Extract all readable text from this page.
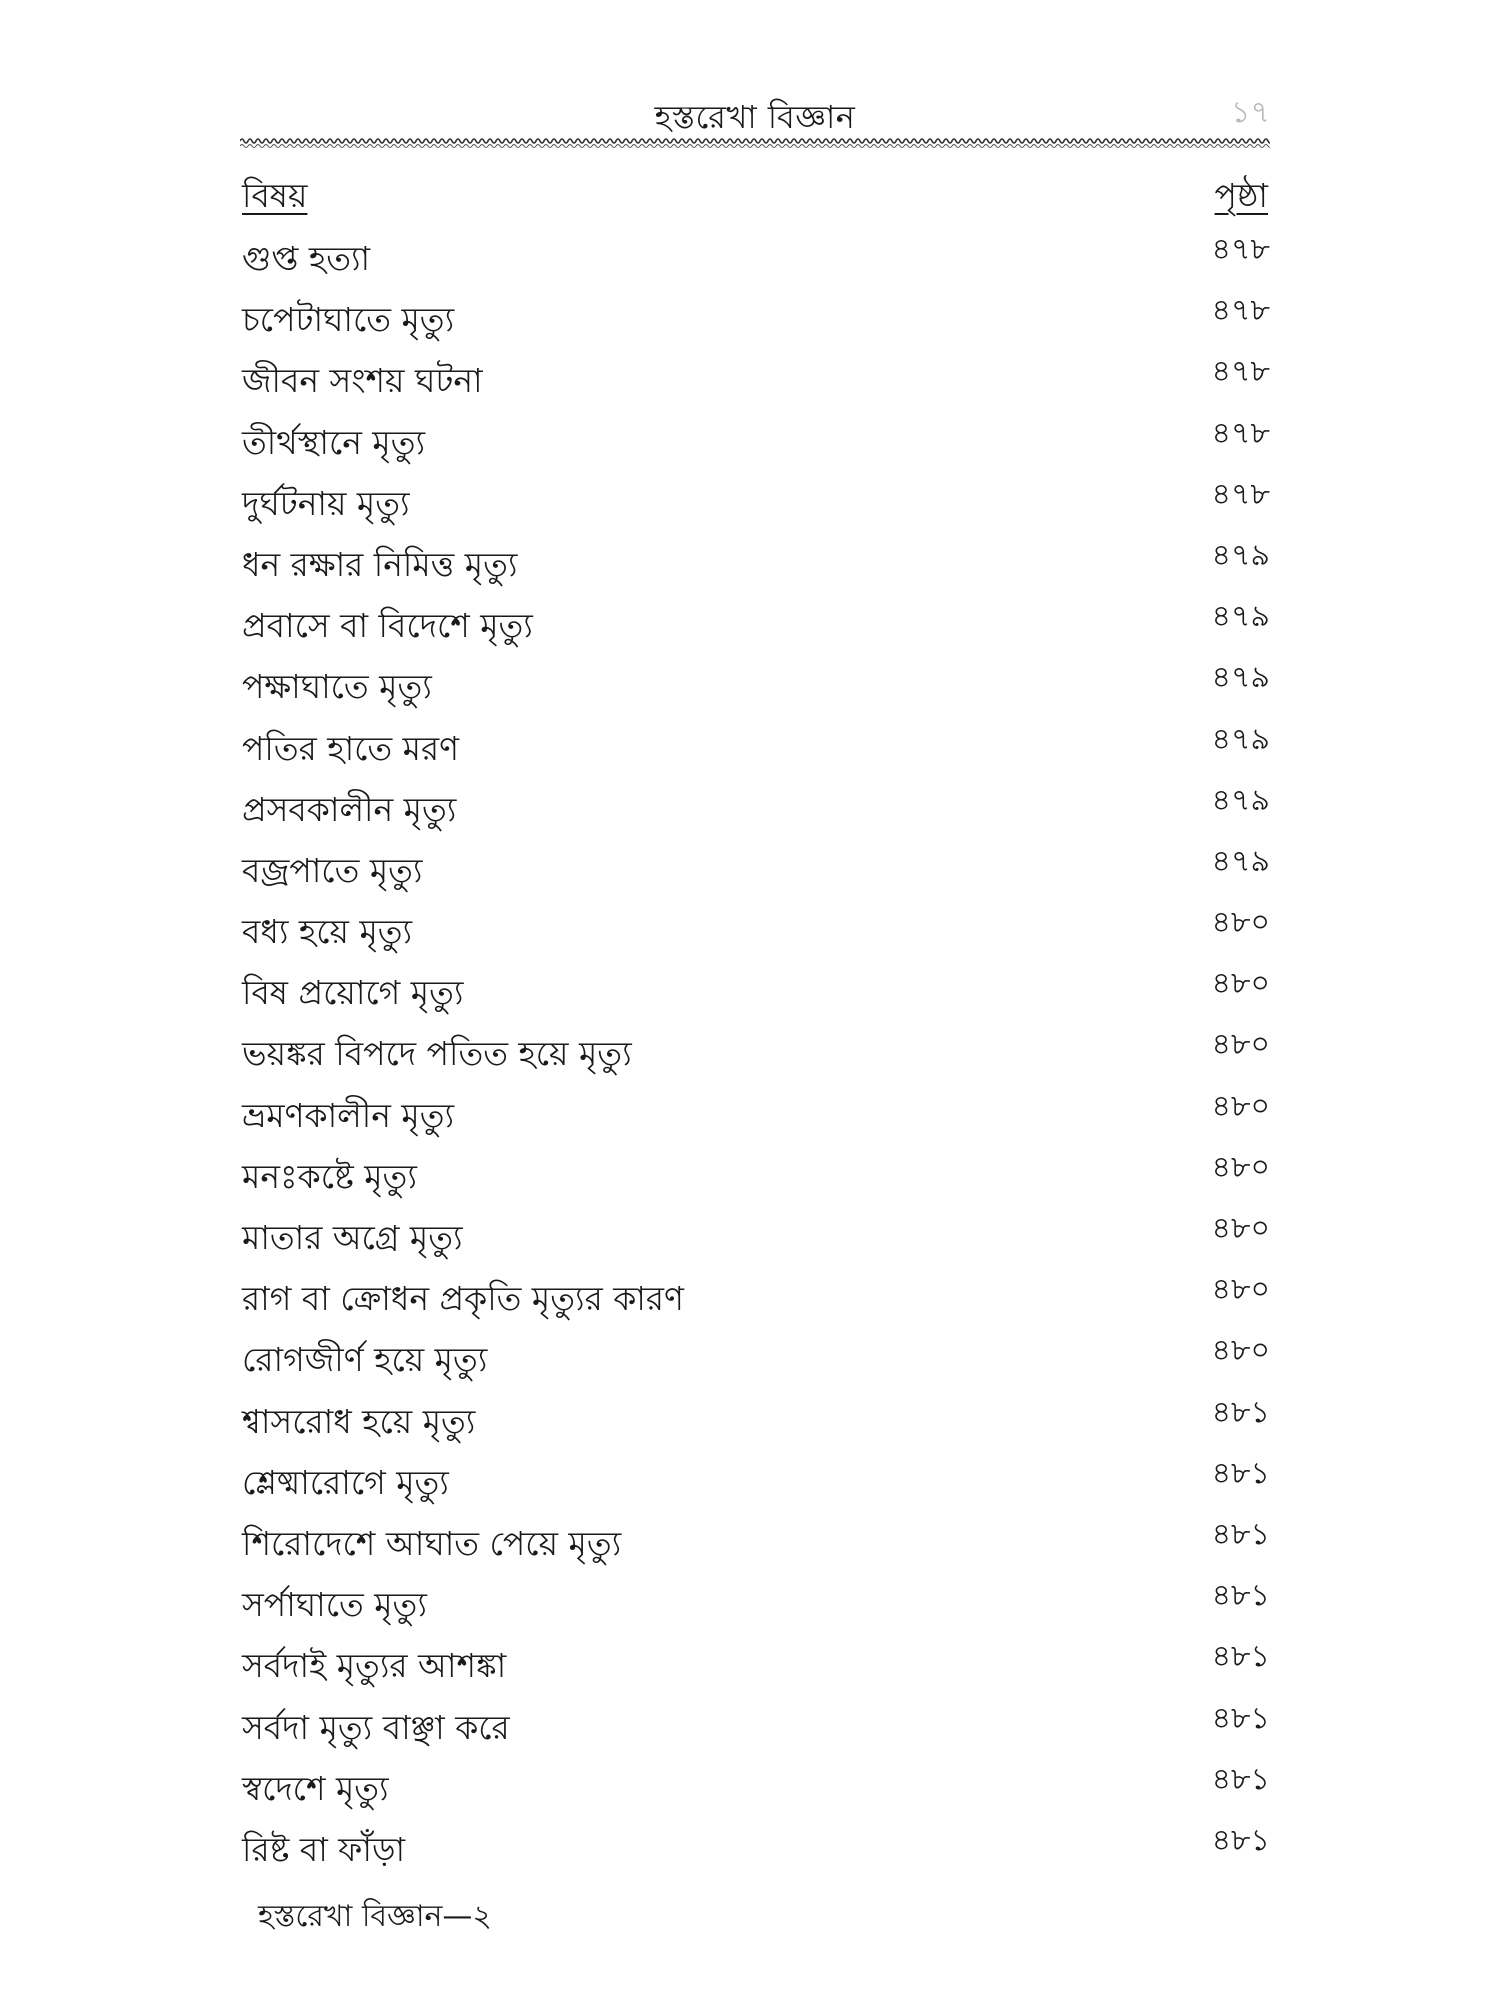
হস্তরেখা বিজ্ঞান	১৭
বিষয়	পৃষ্ঠা
গুপ্ত হত্যা	৪৭৮
চপেটাঘাতে মৃত্যু	৪৭৮
জীবন সংশয় ঘটনা	৪৭৮
তীর্থস্থানে মৃত্যু	৪৭৮
দুর্ঘটনায় মৃত্যু	৪৭৮
ধন রক্ষার নিমিত্ত মৃত্যু	৪৭৯
প্রবাসে বা বিদেশে মৃত্যু	৪৭৯
পক্ষাঘাতে মৃত্যু	৪৭৯
পতির হাতে মরণ	৪৭৯
প্রসবকালীন মৃত্যু	৪৭৯
বজ্রপাতে মৃত্যু	৪৭৯
বধ্য হয়ে মৃত্যু	৪৮০
বিষ প্রয়োগে মৃত্যু	৪৮০
ভয়ঙ্কর বিপদে পতিত হয়ে মৃত্যু	৪৮০
ভ্রমণকালীন মৃত্যু	৪৮০
মনঃকষ্টে মৃত্যু	৪৮০
মাতার অগ্রে মৃত্যু	৪৮০
রাগ বা ক্রোধন প্রকৃতি মৃত্যুর কারণ	৪৮০
রোগজীর্ণ হয়ে মৃত্যু	৪৮০
শ্বাসরোধ হয়ে মৃত্যু	৪৮১
শ্লেষ্মারোগে মৃত্যু	৪৮১
শিরোদেশে আঘাত পেয়ে মৃত্যু	৪৮১
সর্পাঘাতে মৃত্যু	৪৮১
সর্বদাই মৃত্যুর আশঙ্কা	৪৮১
সর্বদা মৃত্যু বাঞ্ছা করে	৪৮১
স্বদেশে মৃত্যু	৪৮১
রিষ্ট বা ফাঁড়া	৪৮১
হস্তরেখা বিজ্ঞান—২
